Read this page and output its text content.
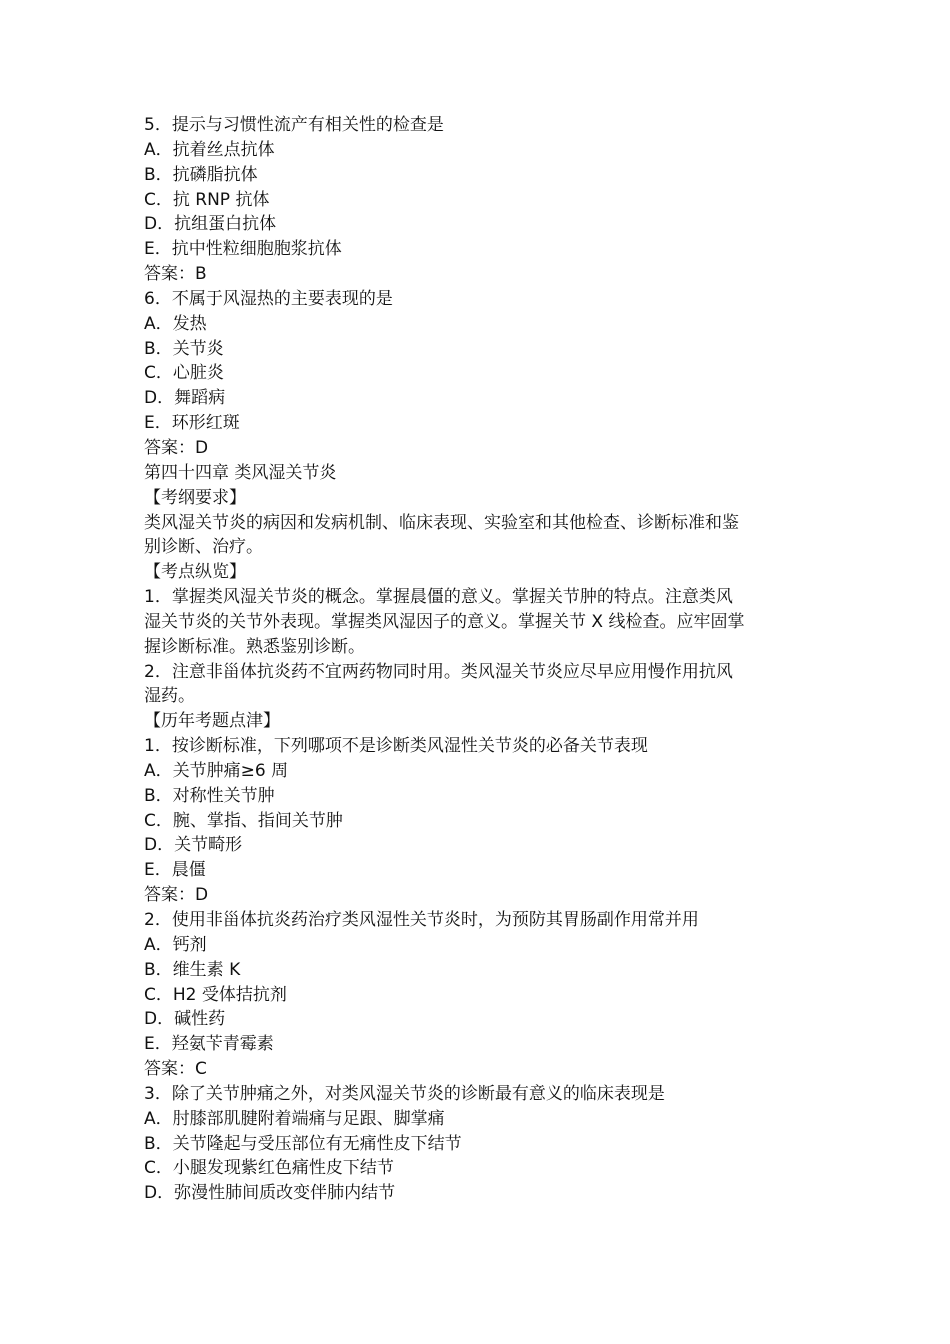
5．提示与习惯性流产有相关性的检查是

A．抗着丝点抗体

B．抗磷脂抗体

C．抗 RNP 抗体

D．抗组蛋白抗体

E．抗中性粒细胞胞浆抗体

答案：B

6．不属于风湿热的主要表现的是

A．发热

B．关节炎

C．心脏炎

D．舞蹈病

E．环形红斑

答案：D

第四十四章 类风湿关节炎

【考纲要求】

类风湿关节炎的病因和发病机制、临床表现、实验室和其他检查、诊断标准和鉴

别诊断、治疗。

【考点纵览】

1．掌握类风湿关节炎的概念。掌握晨僵的意义。掌握关节肿的特点。注意类风

湿关节炎的关节外表现。掌握类风湿因子的意义。掌握关节 X 线检查。应牢固掌

握诊断标准。熟悉鉴别诊断。

2．注意非甾体抗炎药不宜两药物同时用。类风湿关节炎应尽早应用慢作用抗风

湿药。

【历年考题点津】

1．按诊断标准，下列哪项不是诊断类风湿性关节炎的必备关节表现

A．关节肿痛≥6 周

B．对称性关节肿

C．腕、掌指、指间关节肿

D．关节畸形

E．晨僵

答案：D

2．使用非甾体抗炎药治疗类风湿性关节炎时，为预防其胃肠副作用常并用

A．钙剂

B．维生素 K

C．H2 受体拮抗剂

D．碱性药

E．羟氨苄青霉素

答案：C

3．除了关节肿痛之外，对类风湿关节炎的诊断最有意义的临床表现是

A．肘膝部肌腱附着端痛与足跟、脚掌痛

B．关节隆起与受压部位有无痛性皮下结节

C．小腿发现紫红色痛性皮下结节

D．弥漫性肺间质改变伴肺内结节
